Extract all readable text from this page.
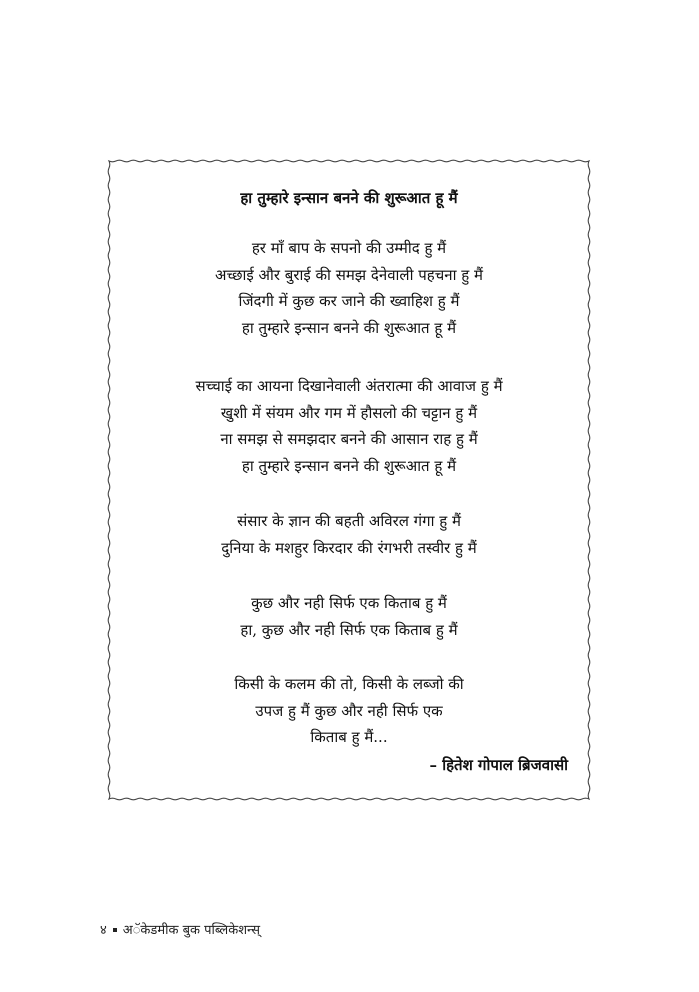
हा तुम्हारे इन्सान बनने की शुरूआत हू मैं
हर माँ बाप के सपनो की उम्मीद हु मैं
अच्छाई और बुराई की समझ देनेवाली पहचना हु मैं
जिंदगी में कुछ कर जाने की ख्वाहिश हु मैं
हा तुम्हारे इन्सान बनने की शुरूआत हू मैं
सच्चाई का आयना दिखानेवाली अंतरात्मा की आवाज हु मैं
खुशी में संयम और गम में हौसलो की चट्टान हु मैं
ना समझ से समझदार बनने की आसान राह हु मैं
हा तुम्हारे इन्सान बनने की शुरूआत हू मैं
संसार के ज्ञान की बहती अविरल गंगा हु मैं
दुनिया के मशहुर किरदार की रंगभरी तस्वीर हु मैं
कुछ और नही सिर्फ एक किताब हु मैं
हा, कुछ और नही सिर्फ एक किताब हु मैं
किसी के कलम की तो, किसी के लब्जो की
उपज हु मैं कुछ और नही सिर्फ एक
किताब हु मैं...
– हितेश गोपाल ब्रिजवासी
४ अॅकेडमीक बुक पब्लिकेशन्स्
